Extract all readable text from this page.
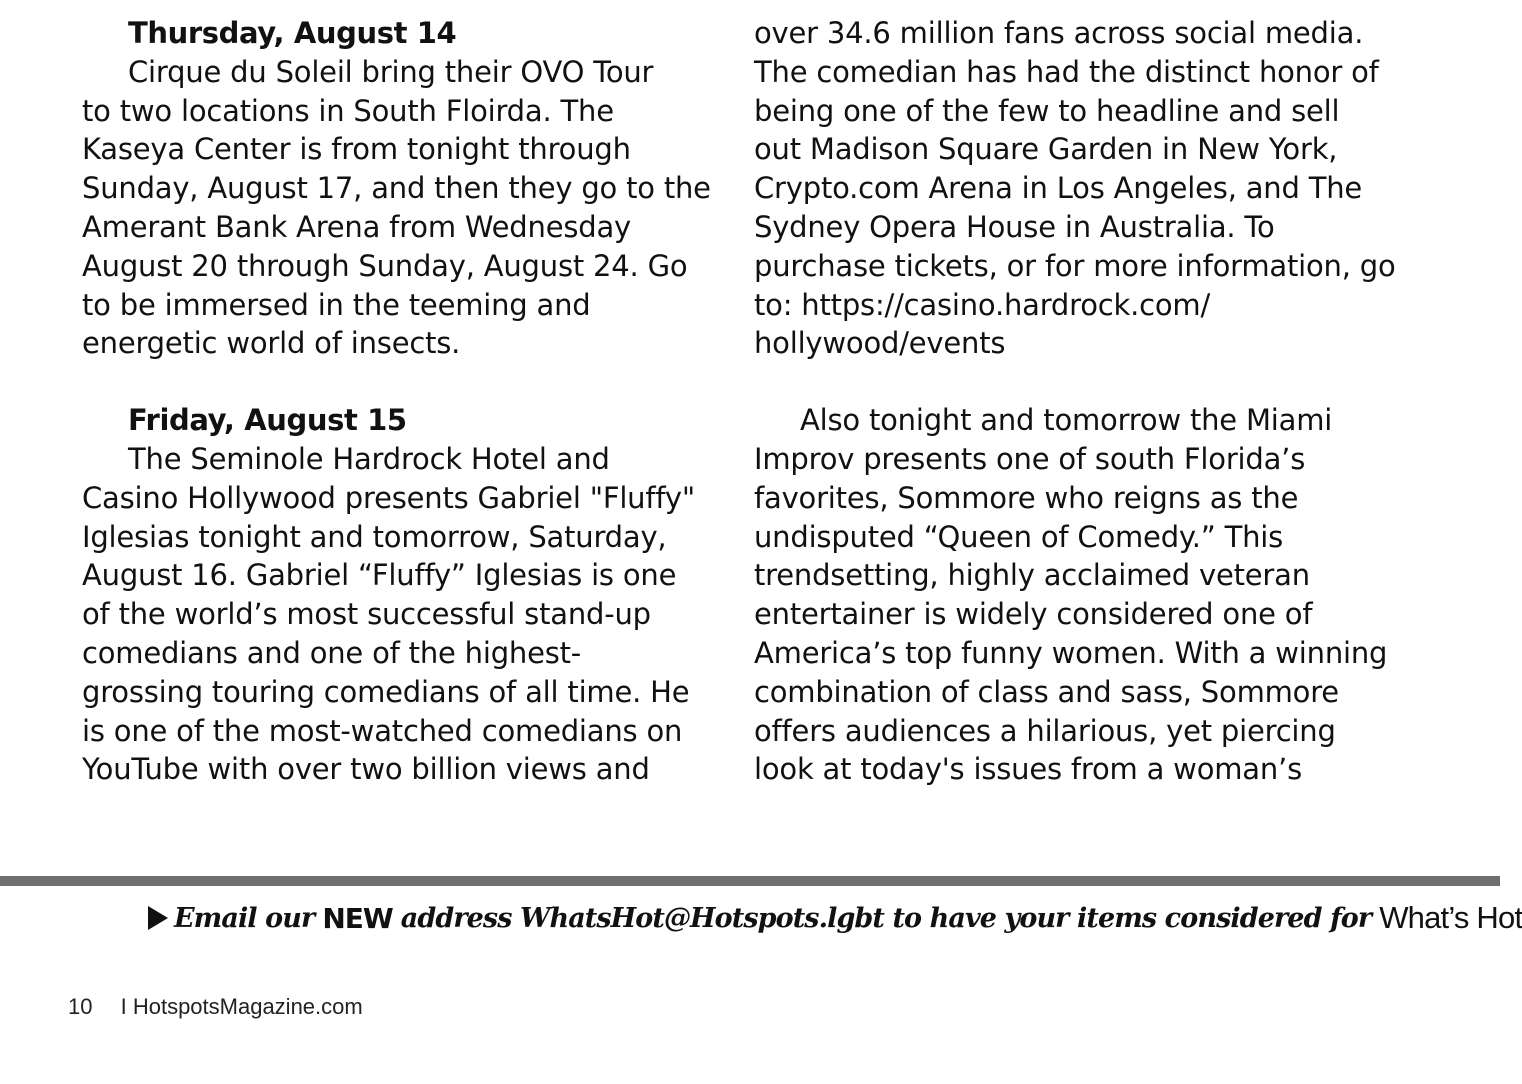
Thursday, August 14
Cirque du Soleil bring their OVO Tour
to two locations in South Floirda. The
Kaseya Center is from tonight through
Sunday, August 17, and then they go to the
Amerant Bank Arena from Wednesday
August 20 through Sunday, August 24. Go
to be immersed in the teeming and
energetic world of insects.
Friday, August 15
The Seminole Hardrock Hotel and
Casino Hollywood presents Gabriel "Fluffy"
Iglesias tonight and tomorrow, Saturday,
August 16. Gabriel “Fluffy” Iglesias is one
of the world’s most successful stand-up
comedians and one of the highest-
grossing touring comedians of all time. He
is one of the most-watched comedians on
YouTube with over two billion views and
over 34.6 million fans across social media.
The comedian has had the distinct honor of
being one of the few to headline and sell
out Madison Square Garden in New York,
Crypto.com Arena in Los Angeles, and The
Sydney Opera House in Australia. To
purchase tickets, or for more information, go
to: https://casino.hardrock.com/
hollywood/events
Also tonight and tomorrow the Miami
Improv presents one of south Florida’s
favorites, Sommore who reigns as the
undisputed “Queen of Comedy.” This
trendsetting, highly acclaimed veteran
entertainer is widely considered one of
America’s top funny women. With a winning
combination of class and sass, Sommore
offers audiences a hilarious, yet piercing
look at today's issues from a woman’s
Email our NEW address WhatsHot@Hotspots.lgbt to have your items considered for What’s Hot
10 I HotspotsMagazine.com
